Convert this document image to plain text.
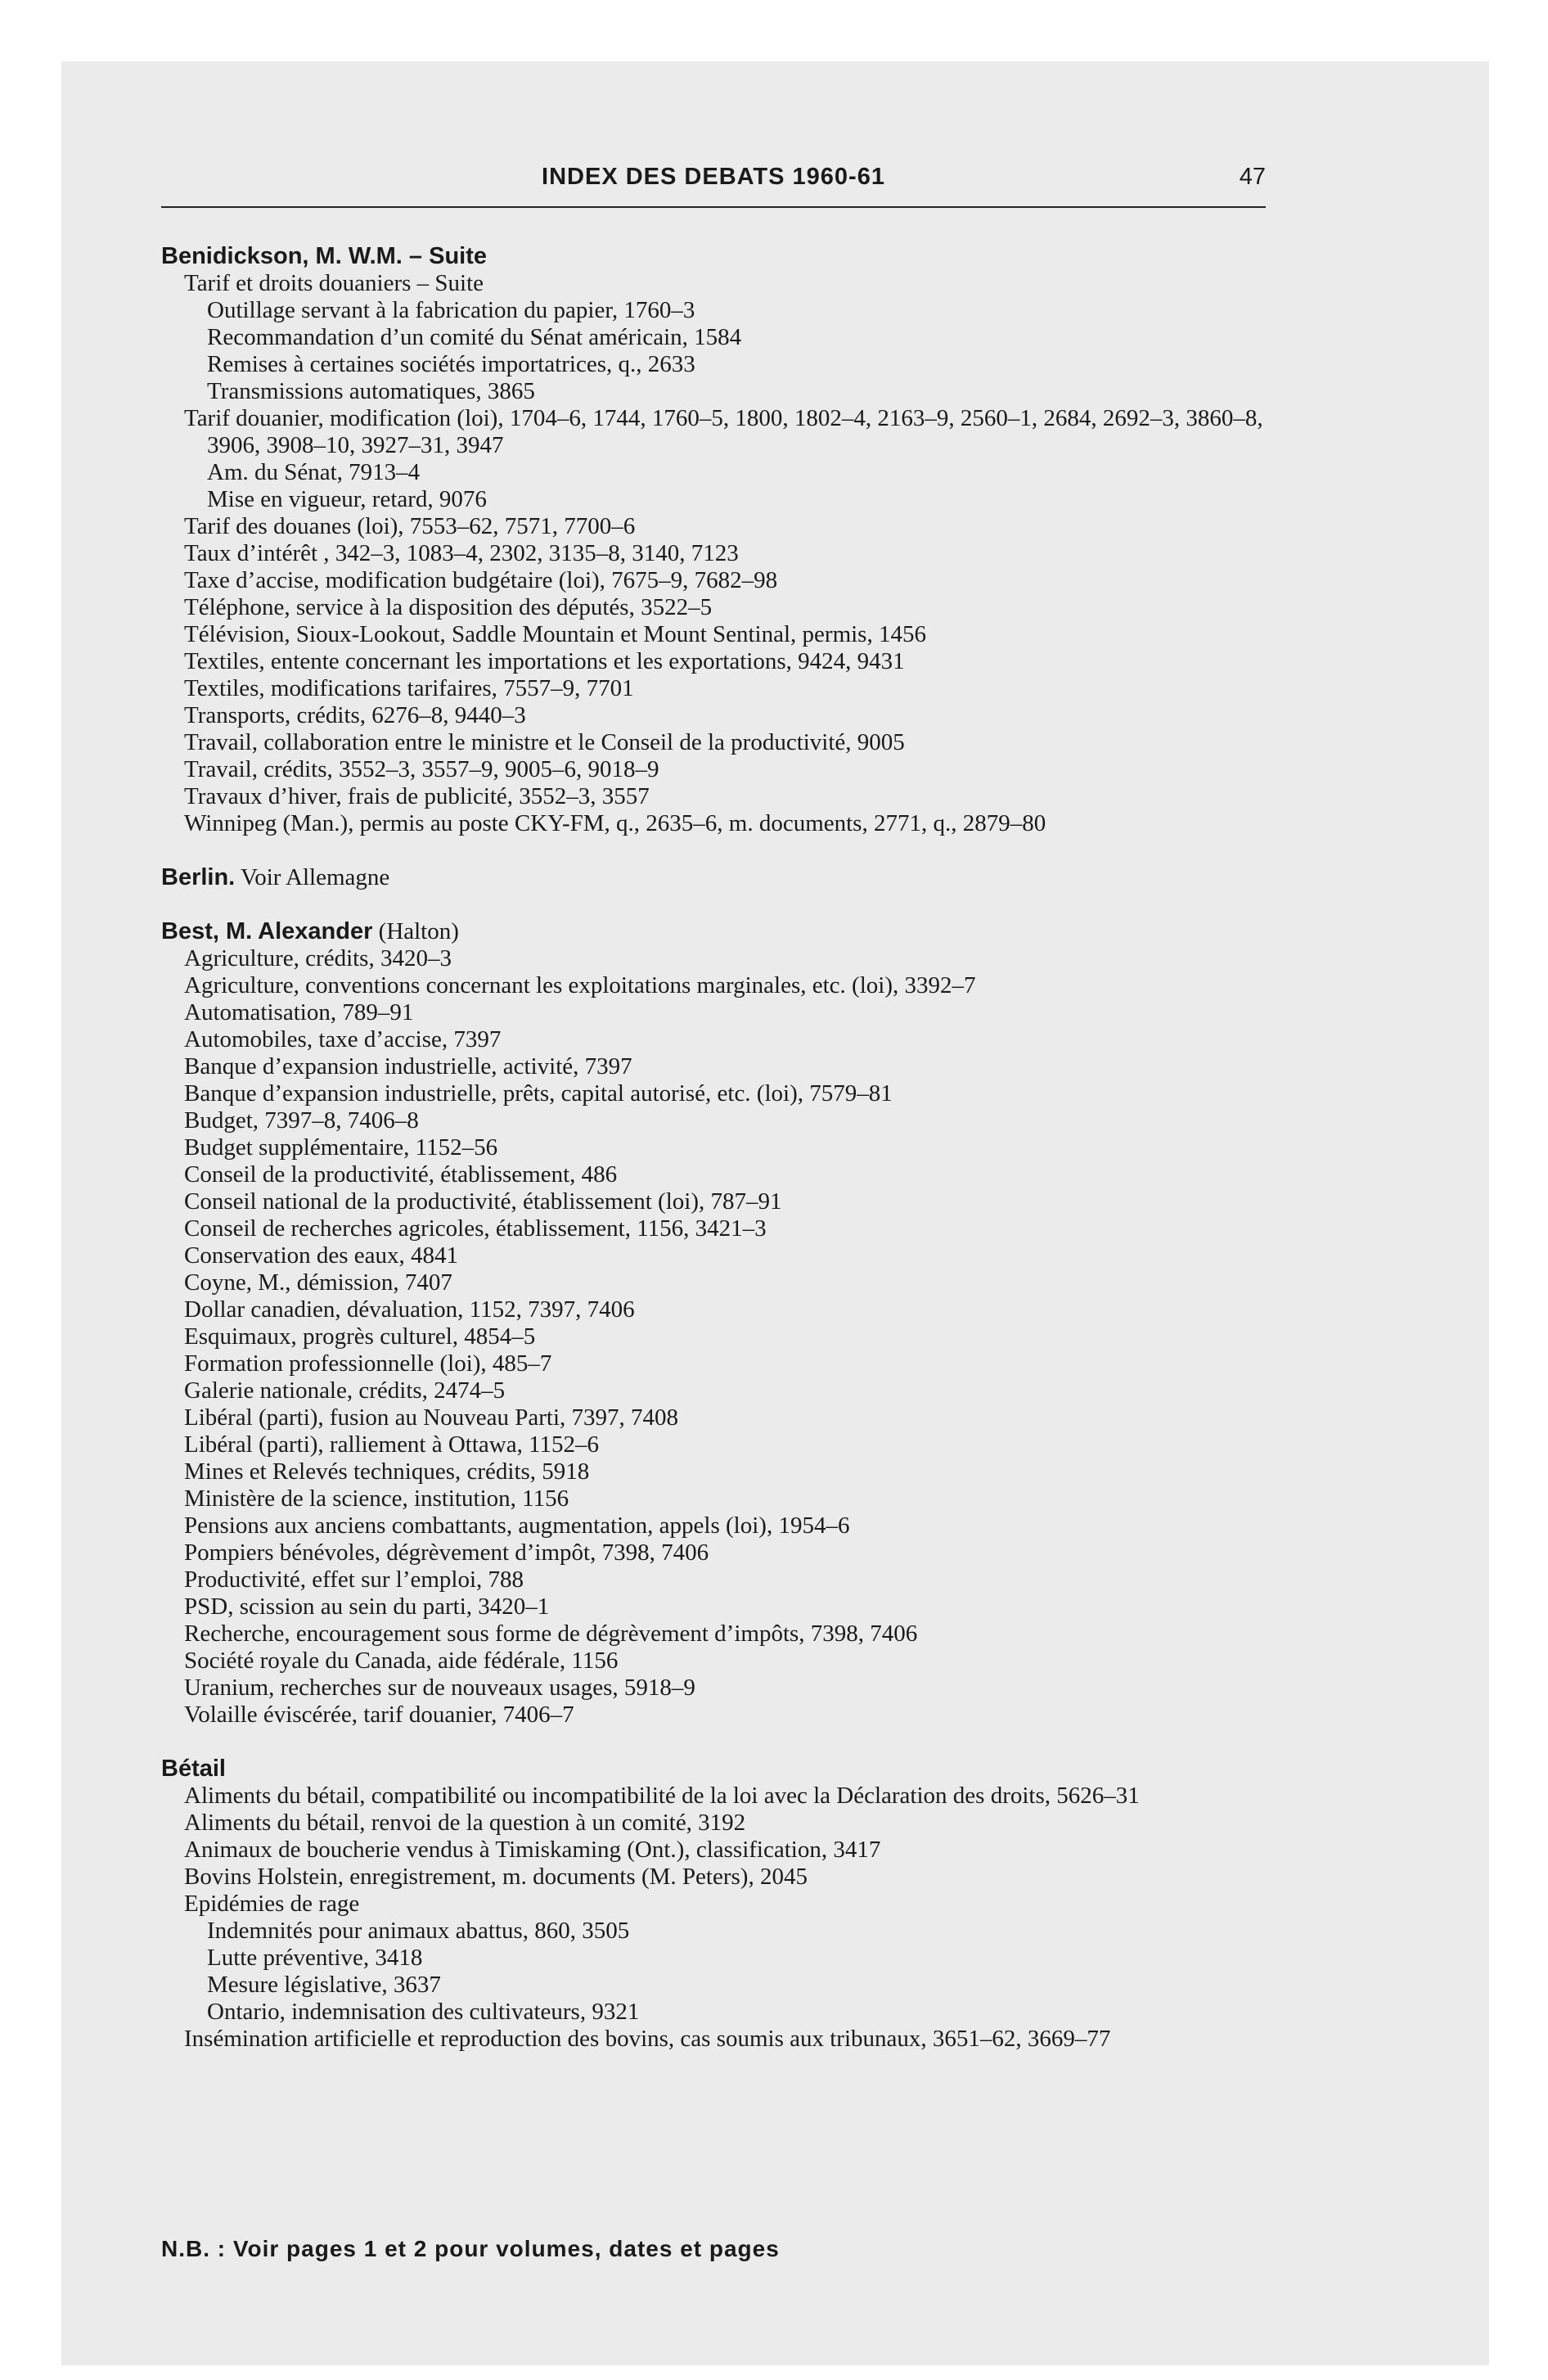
INDEX DES DEBATS 1960-61	47
Benidickson, M. W.M. – Suite
Tarif et droits douaniers – Suite
Outillage servant à la fabrication du papier, 1760–3
Recommandation d’un comité du Sénat américain, 1584
Remises à certaines sociétés importatrices, q., 2633
Transmissions automatiques, 3865
Tarif douanier, modification (loi), 1704–6, 1744, 1760–5, 1800, 1802–4, 2163–9, 2560–1, 2684, 2692–3, 3860–8, 3906, 3908–10, 3927–31, 3947
Am. du Sénat, 7913–4
Mise en vigueur, retard, 9076
Tarif des douanes (loi), 7553–62, 7571, 7700–6
Taux d’intérêt , 342–3, 1083–4, 2302, 3135–8, 3140, 7123
Taxe d’accise, modification budgétaire (loi), 7675–9, 7682–98
Téléphone, service à la disposition des députés, 3522–5
Télévision, Sioux-Lookout, Saddle Mountain et Mount Sentinal, permis, 1456
Textiles, entente concernant les importations et les exportations, 9424, 9431
Textiles, modifications tarifaires, 7557–9, 7701
Transports, crédits, 6276–8, 9440–3
Travail, collaboration entre le ministre et le Conseil de la productivité, 9005
Travail, crédits, 3552–3, 3557–9, 9005–6, 9018–9
Travaux d’hiver, frais de publicité, 3552–3, 3557
Winnipeg (Man.), permis au poste CKY-FM, q., 2635–6, m. documents, 2771, q., 2879–80
Berlin. Voir Allemagne
Best, M. Alexander (Halton)
Agriculture, crédits, 3420–3
Agriculture, conventions concernant les exploitations marginales, etc. (loi), 3392–7
Automatisation, 789–91
Automobiles, taxe d’accise, 7397
Banque d’expansion industrielle, activité, 7397
Banque d’expansion industrielle, prêts, capital autorisé, etc. (loi), 7579–81
Budget, 7397–8, 7406–8
Budget supplémentaire, 1152–56
Conseil de la productivité, établissement, 486
Conseil national de la productivité, établissement (loi), 787–91
Conseil de recherches agricoles, établissement, 1156, 3421–3
Conservation des eaux, 4841
Coyne, M., démission, 7407
Dollar canadien, dévaluation, 1152, 7397, 7406
Esquimaux, progrès culturel, 4854–5
Formation professionnelle (loi), 485–7
Galerie nationale, crédits, 2474–5
Libéral (parti), fusion au Nouveau Parti, 7397, 7408
Libéral (parti), ralliement à Ottawa, 1152–6
Mines et Relevés techniques, crédits, 5918
Ministère de la science, institution, 1156
Pensions aux anciens combattants, augmentation, appels (loi), 1954–6
Pompiers bénévoles, dégrèvement d’impôt, 7398, 7406
Productivité, effet sur l’emploi, 788
PSD, scission au sein du parti, 3420–1
Recherche, encouragement sous forme de dégrèvement d’impôts, 7398, 7406
Société royale du Canada, aide fédérale, 1156
Uranium, recherches sur de nouveaux usages, 5918–9
Volaille éviscérée, tarif douanier, 7406–7
Bétail
Aliments du bétail, compatibilité ou incompatibilité de la loi avec la Déclaration des droits, 5626–31
Aliments du bétail, renvoi de la question à un comité, 3192
Animaux de boucherie vendus à Timiskaming (Ont.), classification, 3417
Bovins Holstein, enregistrement, m. documents (M. Peters), 2045
Epidémies de rage
Indemnités pour animaux abattus, 860, 3505
Lutte préventive, 3418
Mesure législative, 3637
Ontario, indemnisation des cultivateurs, 9321
Insémination artificielle et reproduction des bovins, cas soumis aux tribunaux, 3651–62, 3669–77
N.B. : Voir pages 1 et 2 pour volumes, dates et pages
